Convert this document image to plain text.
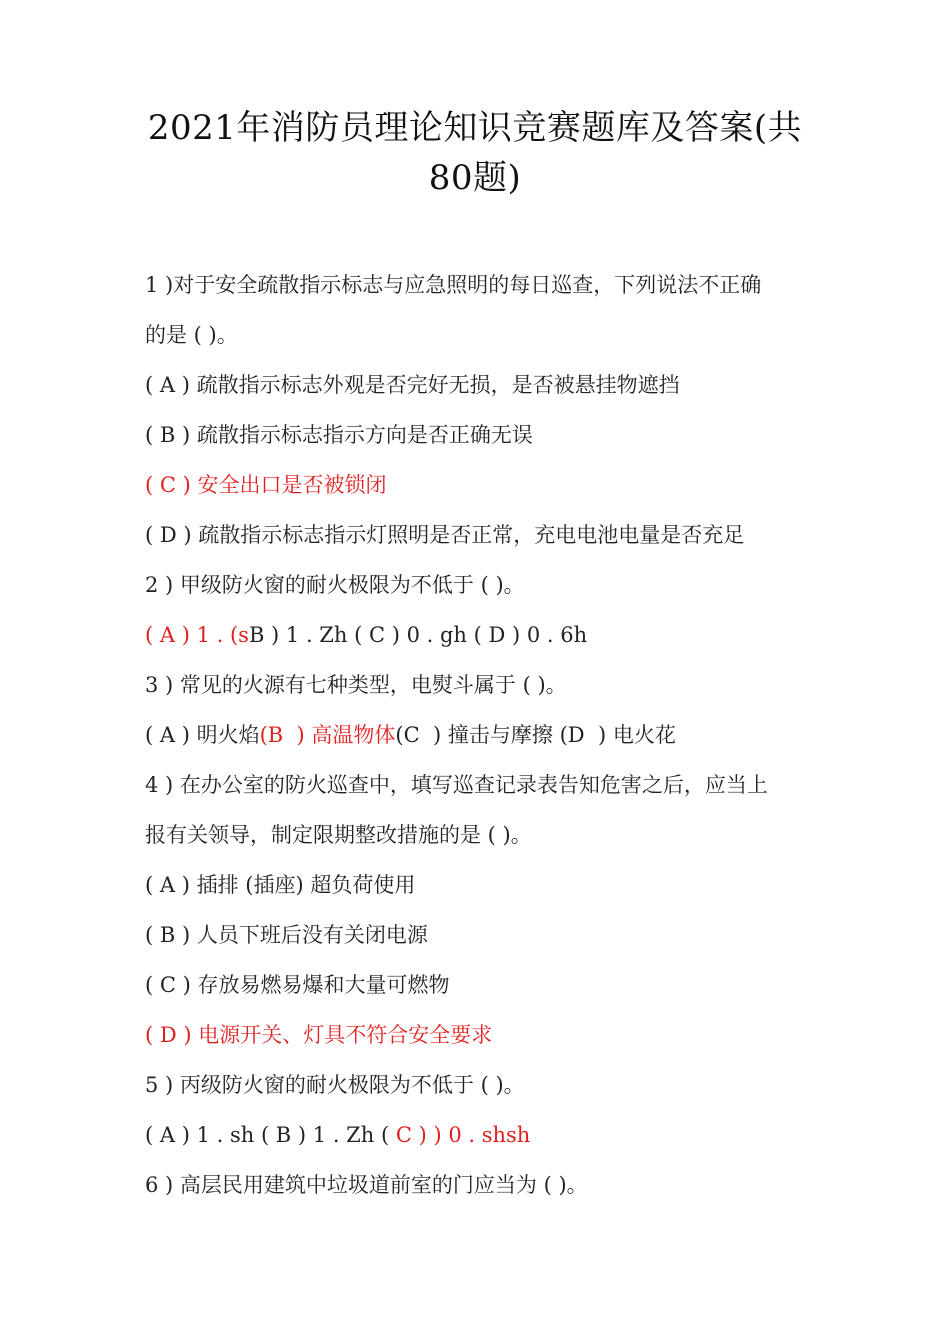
2021年消防员理论知识竞赛题库及答案(共
80题)
1 )对于安全疏散指示标志与应急照明的每日巡查，下列说法不正确
的是 ( )。
( A ) 疏散指示标志外观是否完好无损，是否被悬挂物遮挡
( B ) 疏散指示标志指示方向是否正确无误
( C ) 安全出口是否被锁闭
( D ) 疏散指示标志指示灯照明是否正常，充电电池电量是否充足
2 ) 甲级防火窗的耐火极限为不低于 ( )。
( A ) 1 . (sB ) 1 . Zh ( C ) 0 . gh ( D ) 0 . 6h
3 ) 常见的火源有七种类型，电熨斗属于 ( )。
( A ) 明火焰(B  ) 高温物体(C  ) 撞击与摩擦 (D  ) 电火花
4 ) 在办公室的防火巡查中，填写巡查记录表告知危害之后，应当上
报有关领导，制定限期整改措施的是 ( )。
( A ) 插排 (插座) 超负荷使用
( B ) 人员下班后没有关闭电源
( C ) 存放易燃易爆和大量可燃物
( D ) 电源开关、灯具不符合安全要求
5 ) 丙级防火窗的耐火极限为不低于 ( )。
( A ) 1 . sh ( B ) 1 . Zh ( C ) ) 0 . shsh
6 ) 高层民用建筑中垃圾道前室的门应当为 ( )。
